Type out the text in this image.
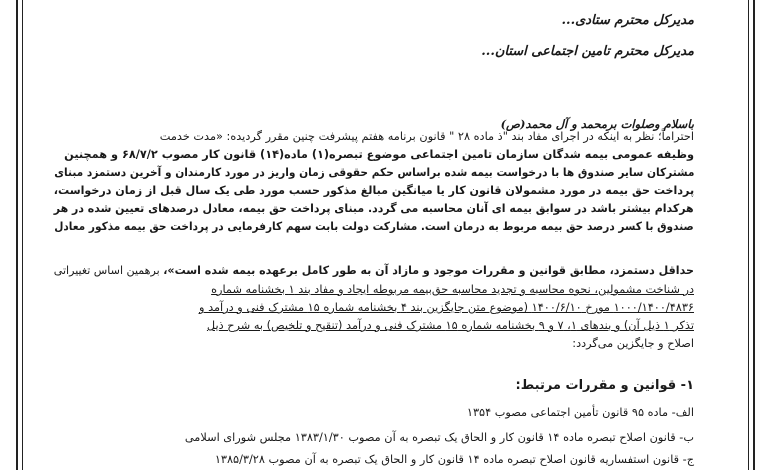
مدیرکل محترم ستادی...
مدیرکل محترم تامین اجتماعی استان...
باسلام وصلوات برمحمد و آل محمد(ص)
احتراماً؛ نظر به اینکه در اجرای مفاد بند "ذ ماده ۲۸ " قانون برنامه هفتم پیشرفت چنین مقرر گردیده: «مدت خدمت
وظیفه عمومی بیمه شدگان سازمان تامین اجتماعی موضوع تبصره(۱) ماده(۱۴) قانون کار مصوب ۶۸/۷/۲ و همچنین
مشترکان سایر صندوق ها با درخواست بیمه شده براساس حکم حقوقی زمان واریز در مورد کارمندان و آخرین دستمزد مبنای
پرداخت حق بیمه در مورد مشمولان قانون کار یا میانگین مبالغ مذکور حسب مورد طی یک سال قبل از زمان درخواست،
هرکدام بیشتر باشد در سوابق بیمه ای آنان محاسبه می گردد. مبنای پرداخت حق بیمه، معادل درصدهای تعیین شده در هر
صندوق با کسر درصد حق بیمه مربوط به درمان است. مشارکت دولت بابت سهم کارفرمایی در پرداخت حق بیمه مذکور معادل
حداقل دستمزد، مطابق قوانین و مقررات موجود و مازاد آن به طور کامل برعهده بیمه شده است»، برهمین اساس تغییراتی
در شناخت مشمولین، نحوه محاسبه و تجدید محاسبه حق‌بیمه مربوطه ایجاد و مفاد بند ۱ بخشنامه شماره
۱۰۰۰/۱۴۰۰/۴۸۳۶ مورخ ۱۴۰۰/۶/۱۰ (موضوع متن جایگزین بند ۴ بخشنامه شماره ۱۵ مشترک فنی و درآمد و
تذکر ۱ ذیل آن) و بندهای ۱، ۷ و ۹ بخشنامه شماره ۱۵ مشترک فنی و درآمد (تنقیح و تلخیص) به شرح ذیل
اصلاح و جایگزین می‌گردد:
۱- قوانین و مقررات مرتبط:
الف- ماده ۹۵ قانون تأمین اجتماعی مصوب ۱۳۵۴
ب- قانون اصلاح تبصره ماده ۱۴ قانون کار و الحاق یک تبصره به آن مصوب ۱۳۸۳/۱/۳۰ مجلس شورای اسلامی
ج- قانون استفساریه قانون اصلاح تبصره ماده ۱۴ قانون کار و الحاق یک تبصره به آن مصوب ۱۳۸۵/۳/۲۸
